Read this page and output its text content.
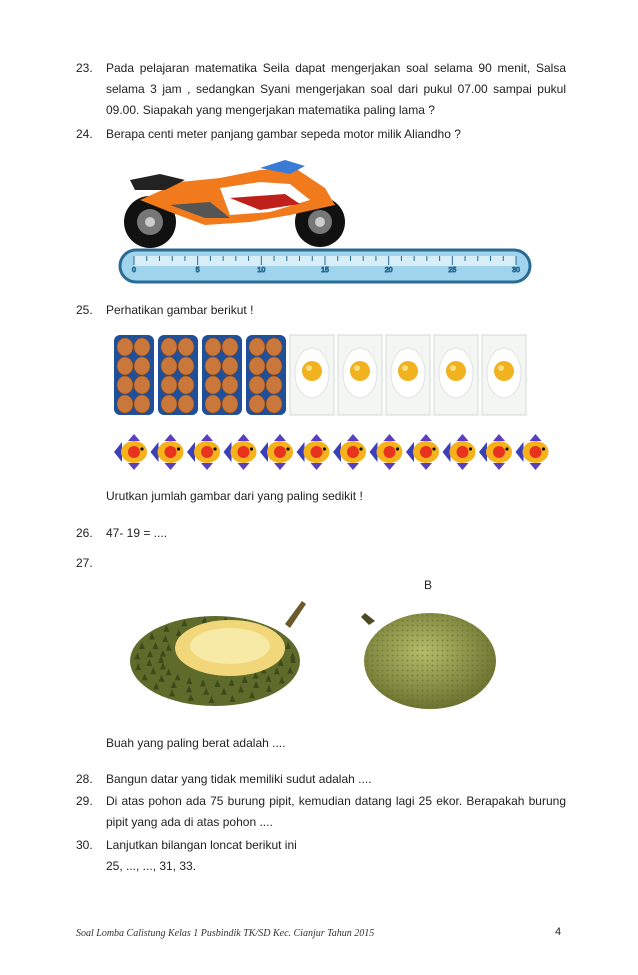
23.	Pada pelajaran matematika Seila dapat mengerjakan soal selama 90 menit, Salsa selama 3 jam , sedangkan Syani mengerjakan soal dari pukul 07.00 sampai pukul 09.00. Siapakah yang mengerjakan matematika paling lama ?
24.	Berapa centi meter panjang gambar sepeda motor milik Aliandho ?
0	5	10	15	20	25	30
25.	Perhatikan gambar berikut !
Urutkan jumlah gambar dari yang paling sedikit !
26.	47- 19 = ....
27.
B
Buah yang paling berat adalah ....
28.	Bangun datar yang tidak memiliki sudut adalah ....
29.	Di atas pohon ada 75 burung pipit, kemudian datang lagi 25 ekor. Berapakah burung pipit yang ada di atas pohon ....
30.	Lanjutkan bilangan loncat berikut ini
25, ..., ..., 31, 33.
Soal Lomba Calistung Kelas 1 Pusbindik TK/SD Kec. Cianjur Tahun 2015	4
